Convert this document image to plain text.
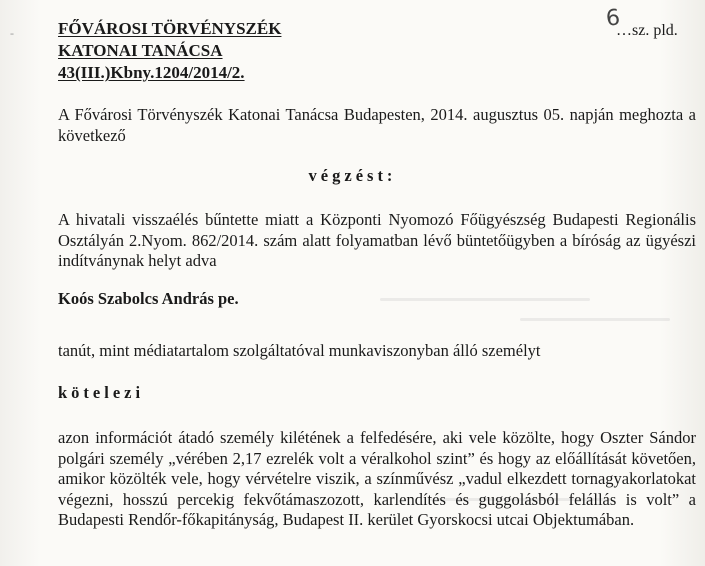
-	FŐVÁROSI TÖRVÉNYSZÉK
KATONAI TANÁCSA
43(III.)Kbny.1204/2014/2.
6
…sz. pld.

A Fővárosi Törvényszék Katonai Tanácsa Budapesten, 2014. augusztus 05. napján meghozta a következő

végzést:

A hivatali visszaélés bűntette miatt a Központi Nyomozó Főügyészség Budapesti Regionális Osztályán 2.Nyom. 862/2014. szám alatt folyamatban lévő büntetőügyben a bíróság az ügyészi indítványnak helyt adva

Koós Szabolcs András pe.

tanút, mint médiatartalom szolgáltatóval munkaviszonyban álló személyt

kötelezi

azon információt átadó személy kilétének a felfedésére, aki vele közölte, hogy Oszter Sándor polgári személy „vérében 2,17 ezrelék volt a véralkohol szint” és hogy az előállítását követően, amikor közölték vele, hogy vérvételre viszik, a színművész „vadul elkezdett tornagyakorlatokat végezni, hosszú percekig fekvőtámaszozott, karlendítés és guggolásból felállás is volt” a Budapesti Rendőr-főkapitányság, Budapest II. kerület Gyorskocsi utcai Objektumában.
